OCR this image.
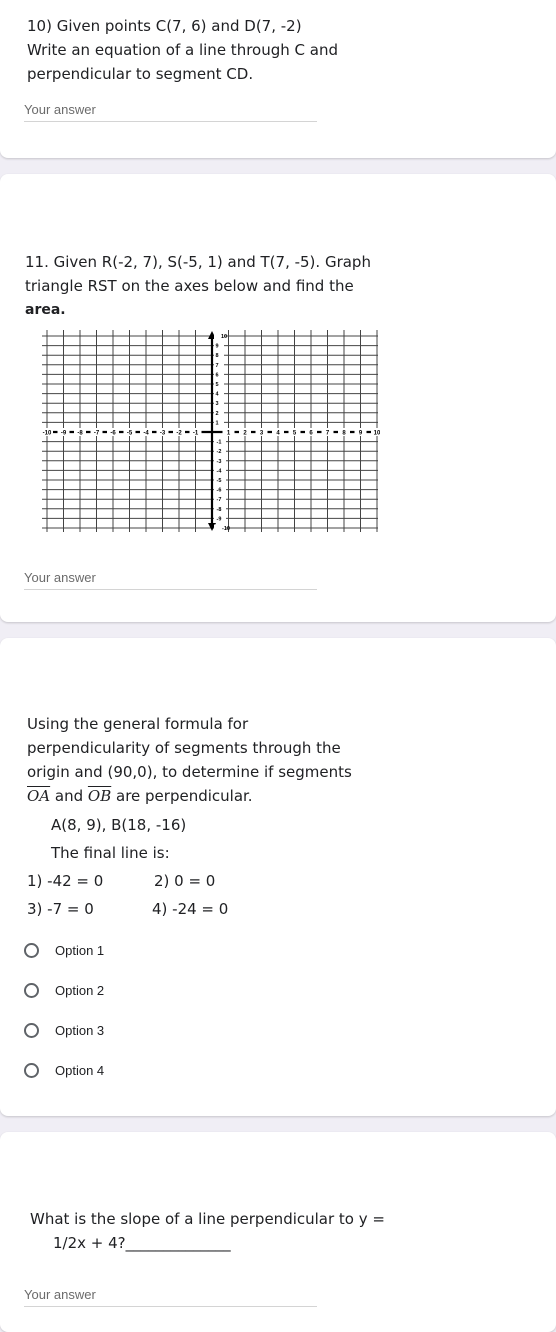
10) Given points C(7, 6) and D(7, -2)
Write an equation of a line through C and
perpendicular to segment CD.

Your answer

11. Given R(-2, 7), S(-5, 1) and T(7, -5). Graph
triangle RST on the axes below and find the
area.

Your answer
-10 -9 -8 -7 -6 -5 -4 -3 -2 -1	1 2 3 4 5 6 7 8 9 10
10
9
8
7
6
5
4
3
2
1
-1
-2
-3
-4
-5
-6
-7
-8
-9
-10

Using the general formula for
perpendicularity of segments through the
origin and (90,0), to determine if segments
$\overline{OA}$ and $\overline{OB}$ are perpendicular.

A(8, 9), B(18, -16)
The final line is:
1) -42 = 0	2) 0 = 0
3) -7 = 0	4) -24 = 0
Option 1
Option 2
Option 3
Option 4
What is the slope of a line perpendicular to y =
1/2x + 4?______________
Your answer
